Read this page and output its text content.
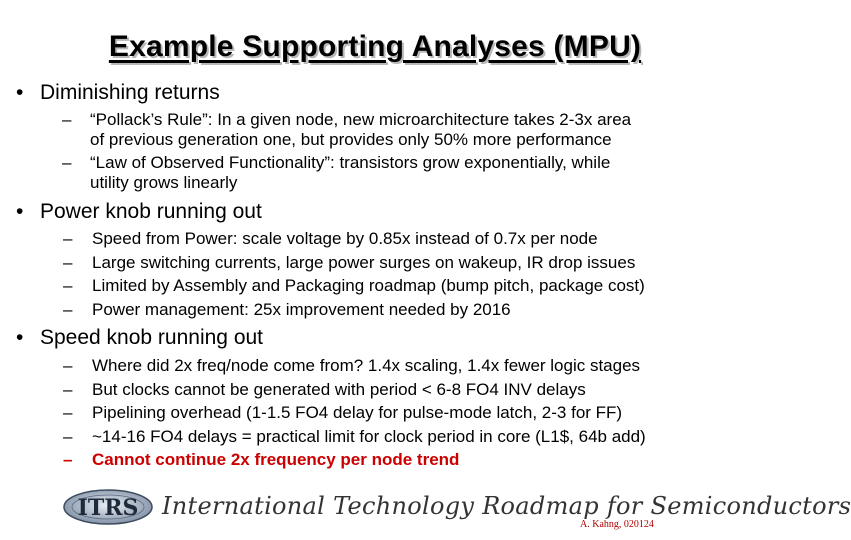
Example Supporting Analyses (MPU)
• Diminishing returns
–	“Pollack’s Rule”: In a given node, new microarchitecture takes 2-3x area
of previous generation one, but provides only 50% more performance
–	“Law of Observed Functionality”: transistors grow exponentially, while
utility grows linearly
• Power knob running out
–	Speed from Power: scale voltage by 0.85x instead of 0.7x per node
–	Large switching currents, large power surges on wakeup, IR drop issues
–	Limited by Assembly and Packaging roadmap (bump pitch, package cost)
–	Power management: 25x improvement needed by 2016
• Speed knob running out
–	Where did 2x freq/node come from? 1.4x scaling, 1.4x fewer logic stages
–	But clocks cannot be generated with period < 6-8 FO4 INV delays
–	Pipelining overhead (1-1.5 FO4 delay for pulse-mode latch, 2-3 for FF)
–	~14-16 FO4 delays = practical limit for clock period in core (L1$, 64b add)
–	Cannot continue 2x frequency per node trend
ITRS International Technology Roadmap for Semiconductors
A. Kahng, 020124
